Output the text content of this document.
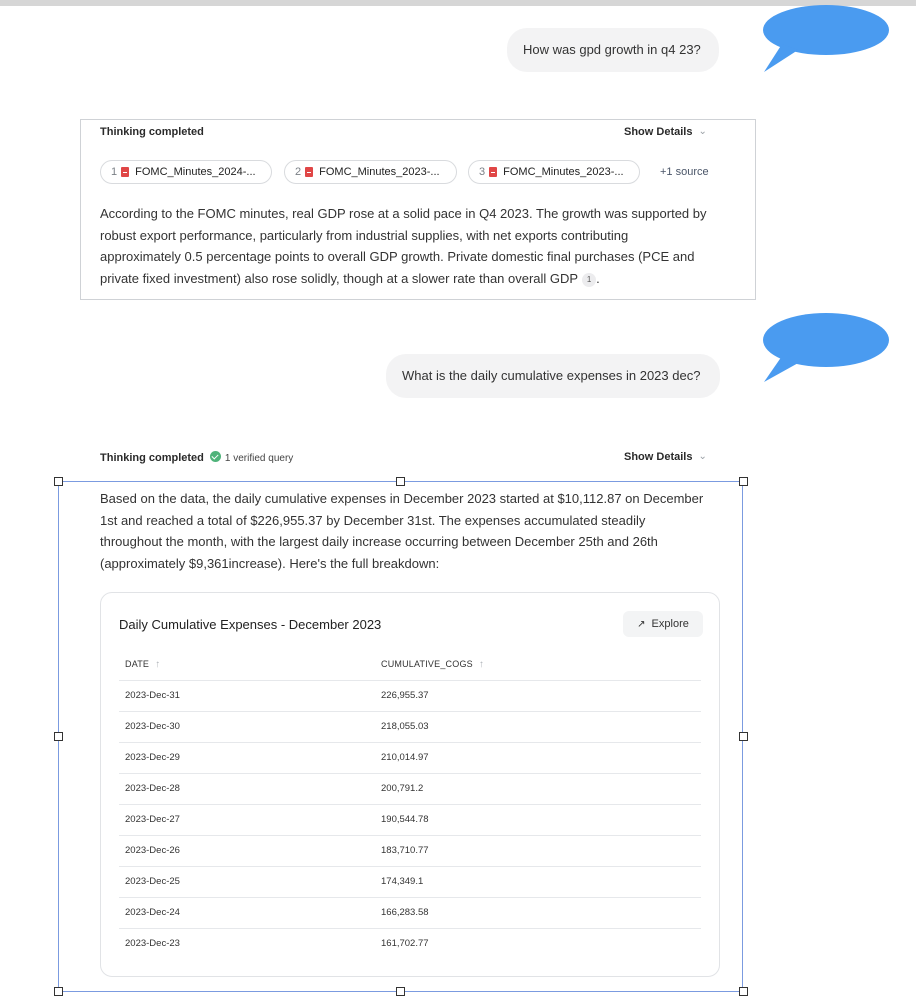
How was gpd growth in q4 23?
Thinking completed	Show Details ⌄
1 FOMC_Minutes_2024-...	2 FOMC_Minutes_2023-...	3 FOMC_Minutes_2023-...	+1 source
According to the FOMC minutes, real GDP rose at a solid pace in Q4 2023. The growth was supported by
robust export performance, particularly from industrial supplies, with net exports contributing
approximately 0.5 percentage points to overall GDP growth. Private domestic final purchases (PCE and
private fixed investment) also rose solidly, though at a slower rate than overall GDP 1 .
What is the daily cumulative expenses in 2023 dec?
Thinking completed 1 verified query	Show Details ⌄
Based on the data, the daily cumulative expenses in December 2023 started at $10,112.87 on December
1st and reached a total of $226,955.37 by December 31st. The expenses accumulated steadily
throughout the month, with the largest daily increase occurring between December 25th and 26th
(approximately $9,361increase). Here's the full breakdown:
Daily Cumulative Expenses - December 2023	↗ Explore
DATE ↑	CUMULATIVE_COGS ↑
2023-Dec-31	226,955.37
2023-Dec-30	218,055.03
2023-Dec-29	210,014.97
2023-Dec-28	200,791.2
2023-Dec-27	190,544.78
2023-Dec-26	183,710.77
2023-Dec-25	174,349.1
2023-Dec-24	166,283.58
2023-Dec-23	161,702.77
